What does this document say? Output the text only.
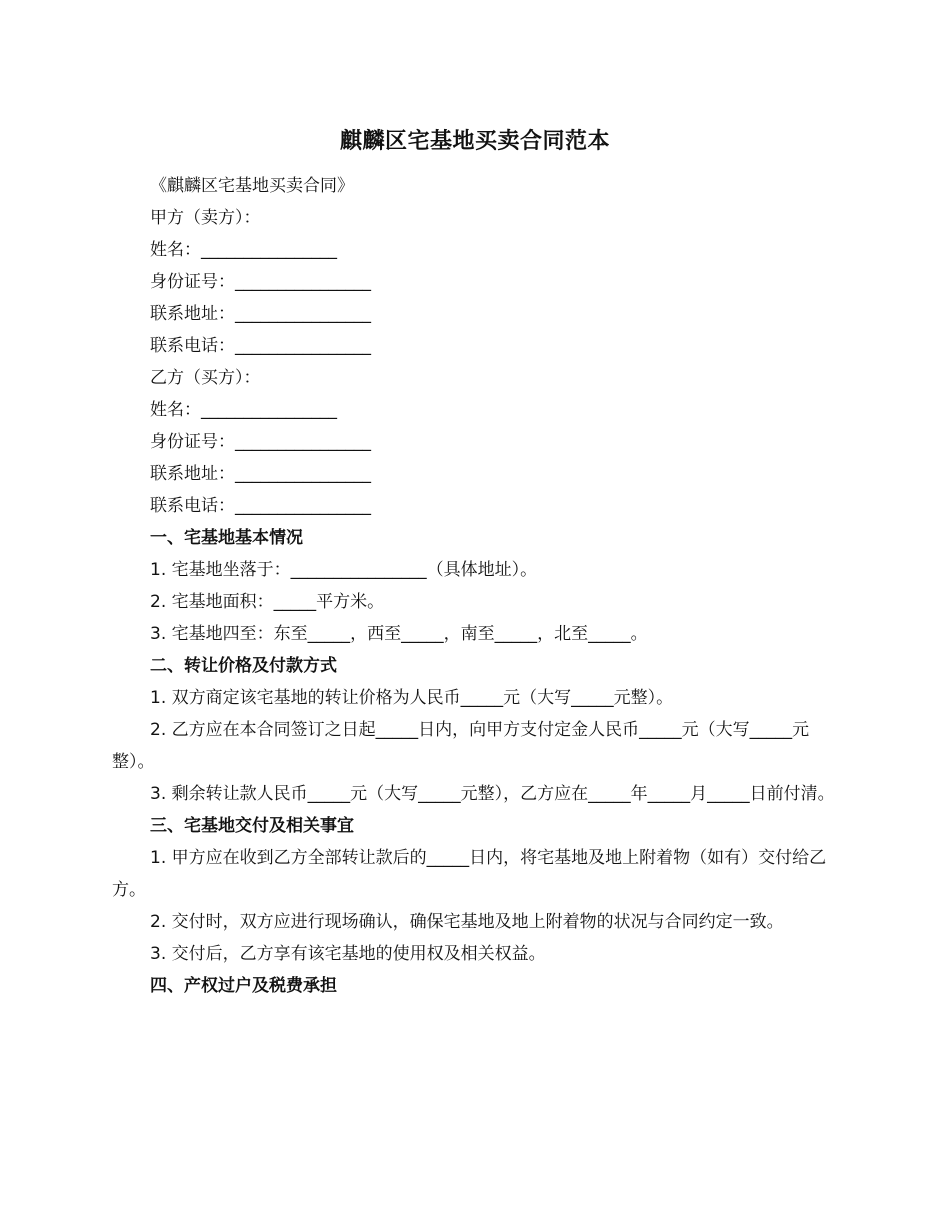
麒麟区宅基地买卖合同范本
《麒麟区宅基地买卖合同》
甲方（卖方）：
姓名：________________
身份证号：________________
联系地址：________________
联系电话：________________
乙方（买方）：
姓名：________________
身份证号：________________
联系地址：________________
联系电话：________________
一、宅基地基本情况
1. 宅基地坐落于：________________（具体地址）。
2. 宅基地面积：_____平方米。
3. 宅基地四至：东至_____，西至_____，南至_____，北至_____。
二、转让价格及付款方式
1. 双方商定该宅基地的转让价格为人民币_____元（大写_____元整）。
2. 乙方应在本合同签订之日起_____日内，向甲方支付定金人民币_____元（大写_____元整）。
3. 剩余转让款人民币_____元（大写_____元整），乙方应在_____年_____月_____日前付清。
三、宅基地交付及相关事宜
1. 甲方应在收到乙方全部转让款后的_____日内，将宅基地及地上附着物（如有）交付给乙方。
2. 交付时，双方应进行现场确认，确保宅基地及地上附着物的状况与合同约定一致。
3. 交付后，乙方享有该宅基地的使用权及相关权益。
四、产权过户及税费承担
